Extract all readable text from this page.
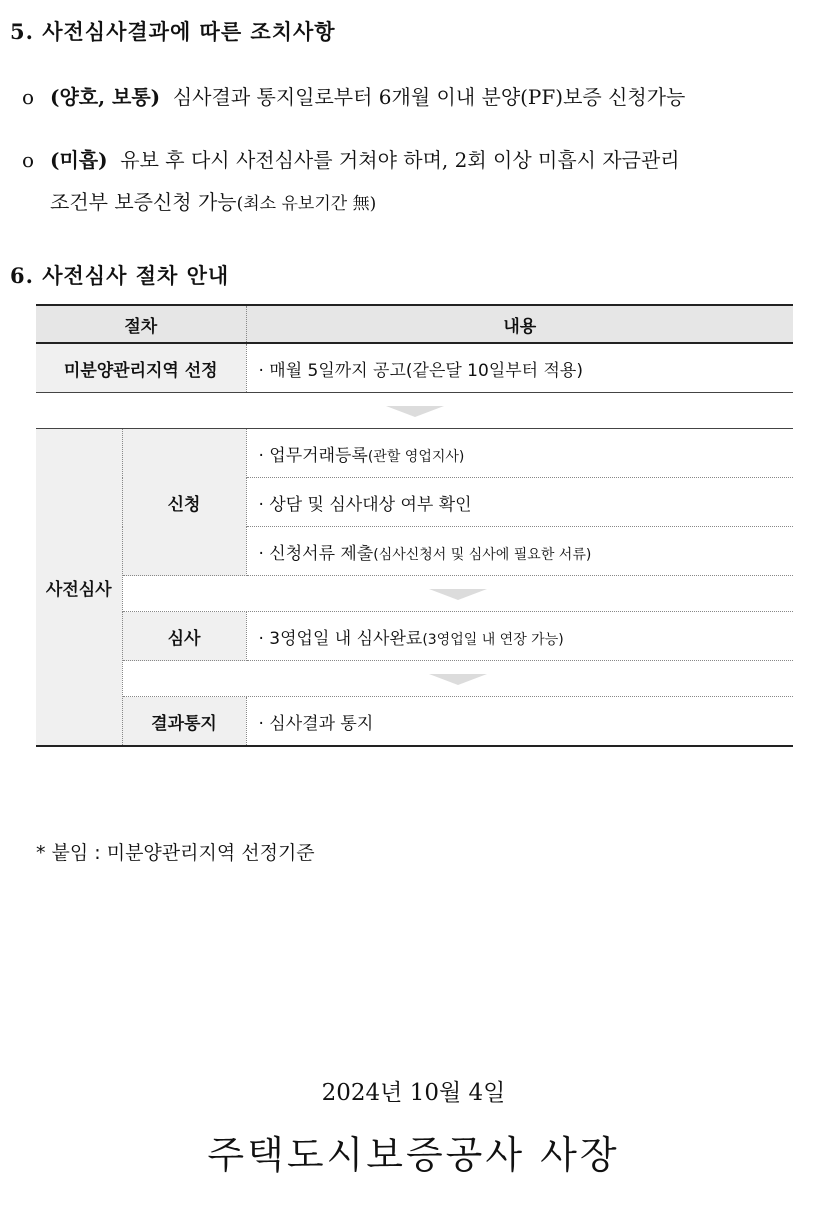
5. 사전심사결과에 따른 조치사항
o (양호, 보통) 심사결과 통지일로부터 6개월 이내 분양(PF)보증 신청가능
o (미흡) 유보 후 다시 사전심사를 거쳐야 하며, 2회 이상 미흡시 자금관리
조건부 보증신청 가능(최소 유보기간 無)
6. 사전심사 절차 안내
절차		내용
미분양관리지역 선정		· 매월 5일까지 공고(같은달 10일부터 적용)

사전심사	신청	· 업무거래등록(관할 영업지사)
		· 상담 및 심사대상 여부 확인
		· 신청서류 제출(심사신청서 및 심사에 필요한 서류)

	심사	· 3영업일 내 심사완료(3영업일 내 연장 가능)

	결과통지	· 심사결과 통지
* 붙임 : 미분양관리지역 선정기준
2024년 10월 4일
주택도시보증공사 사장
